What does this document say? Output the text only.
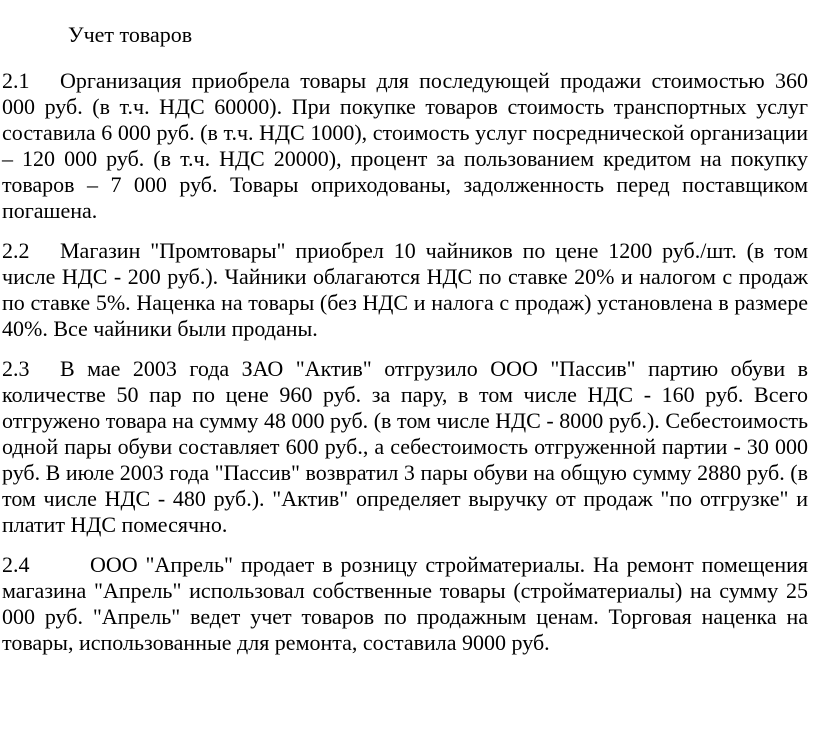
Учет товаров

2.1 Организация приобрела товары для последующей продажи стоимостью 360 000 руб. (в т.ч. НДС 60000). При покупке товаров стоимость транспортных услуг составила 6 000 руб. (в т.ч. НДС 1000), стоимость услуг посреднической организации – 120 000 руб. (в т.ч. НДС 20000), процент за пользованием кредитом на покупку товаров – 7 000 руб. Товары оприходованы, задолженность перед поставщиком погашена.

2.2 Магазин "Промтовары" приобрел 10 чайников по цене 1200 руб./шт. (в том числе НДС - 200 руб.). Чайники облагаются НДС по ставке 20% и налогом с продаж по ставке 5%. Наценка на товары (без НДС и налога с продаж) установлена в размере 40%. Все чайники были проданы.

2.3 В мае 2003 года ЗАО "Актив" отгрузило ООО "Пассив" партию обуви в количестве 50 пар по цене 960 руб. за пару, в том числе НДС - 160 руб. Всего отгружено товара на сумму 48 000 руб. (в том числе НДС - 8000 руб.). Себестоимость одной пары обуви составляет 600 руб., а себестоимость отгруженной партии - 30 000 руб. В июле 2003 года "Пассив" возвратил 3 пары обуви на общую сумму 2880 руб. (в том числе НДС - 480 руб.). "Актив" определяет выручку от продаж "по отгрузке" и платит НДС помесячно.

2.4	ООО "Апрель" продает в розницу стройматериалы. На ремонт помещения магазина "Апрель" использовал собственные товары (стройматериалы) на сумму 25 000 руб. "Апрель" ведет учет товаров по продажным ценам. Торговая наценка на товары, использованные для ремонта, составила 9000 руб.
